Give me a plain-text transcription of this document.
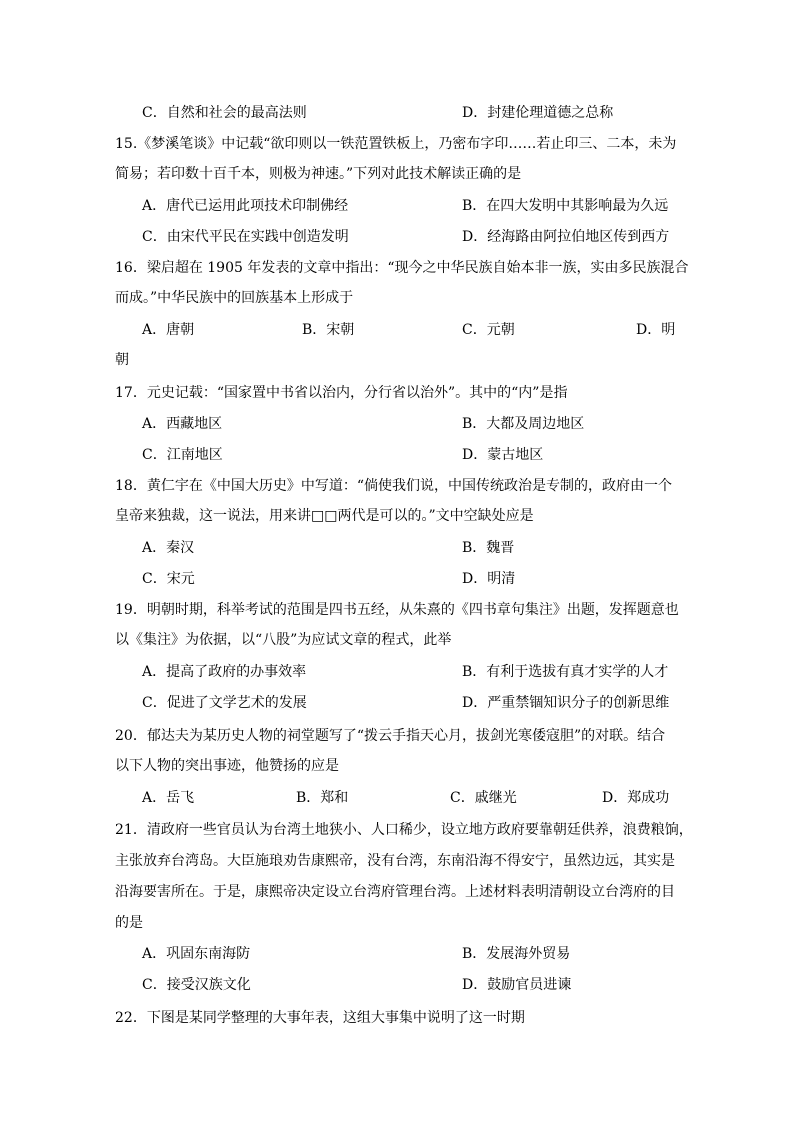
C．自然和社会的最高法则	D．封建伦理道德之总称
15.《梦溪笔谈》中记载“欲印则以一铁范置铁板上，乃密布字印……若止印三、二本，未为
简易；若印数十百千本，则极为神速。”下列对此技术解读正确的是
A．唐代已运用此项技术印制佛经	B．在四大发明中其影响最为久远
C．由宋代平民在实践中创造发明	D．经海路由阿拉伯地区传到西方
16．梁启超在 1905 年发表的文章中指出：“现今之中华民族自始本非一族，实由多民族混合
而成。”中华民族中的回族基本上形成于
A．唐朝	B．宋朝	C．元朝	D．明
朝
17．元史记载：“国家置中书省以治内，分行省以治外”。其中的“内”是指
A．西藏地区	B．大都及周边地区
C．江南地区	D．蒙古地区
18．黄仁宇在《中国大历史》中写道：“倘使我们说，中国传统政治是专制的，政府由一个
皇帝来独裁，这一说法，用来讲□□两代是可以的。”文中空缺处应是
A．秦汉	B．魏晋
C．宋元	D．明清
19．明朝时期，科举考试的范围是四书五经，从朱熹的《四书章句集注》出题，发挥题意也
以《集注》为依据，以“八股”为应试文章的程式，此举
A．提高了政府的办事效率	B．有利于选拔有真才实学的人才
C．促进了文学艺术的发展	D．严重禁锢知识分子的创新思维
20．郁达夫为某历史人物的祠堂题写了“拨云手指天心月，拔剑光寒倭寇胆”的对联。结合
以下人物的突出事迹，他赞扬的应是
A．岳飞	B．郑和	C．戚继光	D．郑成功
21．清政府一些官员认为台湾土地狭小、人口稀少，设立地方政府要靠朝廷供养，浪费粮饷，
主张放弃台湾岛。大臣施琅劝告康熙帝，没有台湾，东南沿海不得安宁，虽然边远，其实是
沿海要害所在。于是，康熙帝决定设立台湾府管理台湾。上述材料表明清朝设立台湾府的目
的是
A．巩固东南海防	B．发展海外贸易
C．接受汉族文化	D．鼓励官员进谏
22．下图是某同学整理的大事年表，这组大事集中说明了这一时期
